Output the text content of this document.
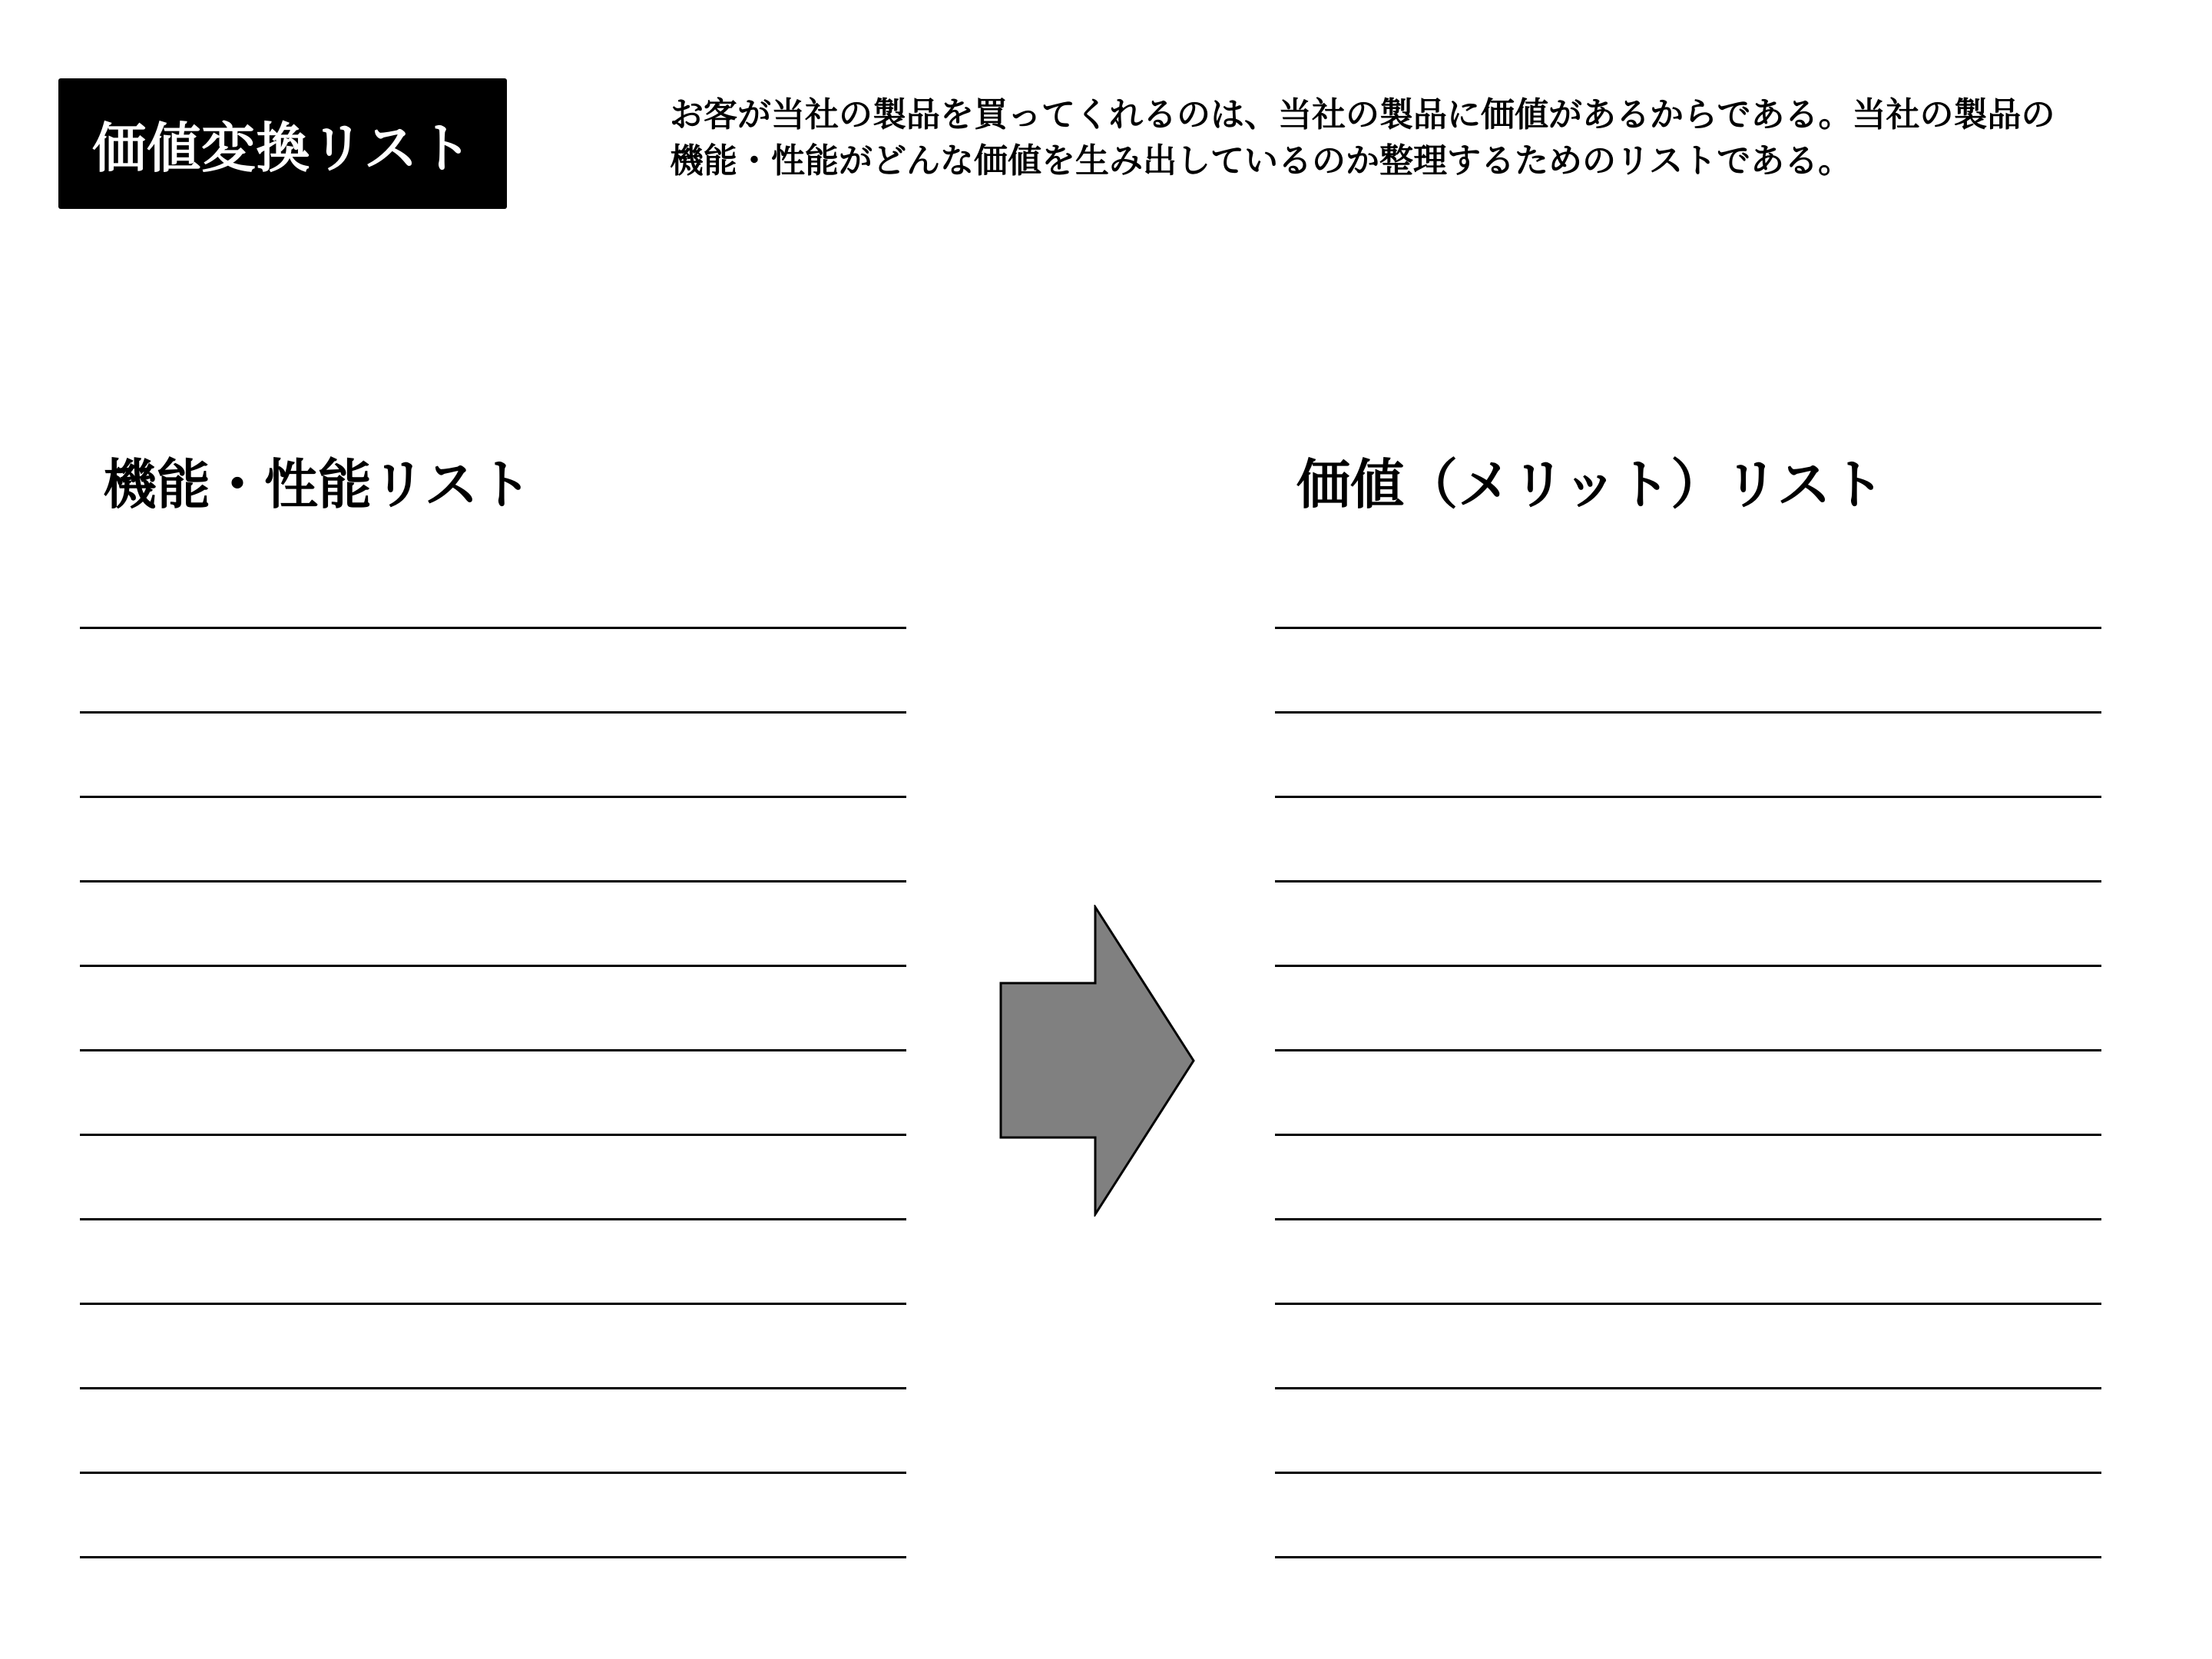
価値変換リスト
お客が当社の製品を買ってくれるのは、当社の製品に価値があるからである。当社の製品の
機能・性能がどんな価値を生み出しているのか整理するためのリストである。
機能・性能リスト	価値（メリット）リスト
